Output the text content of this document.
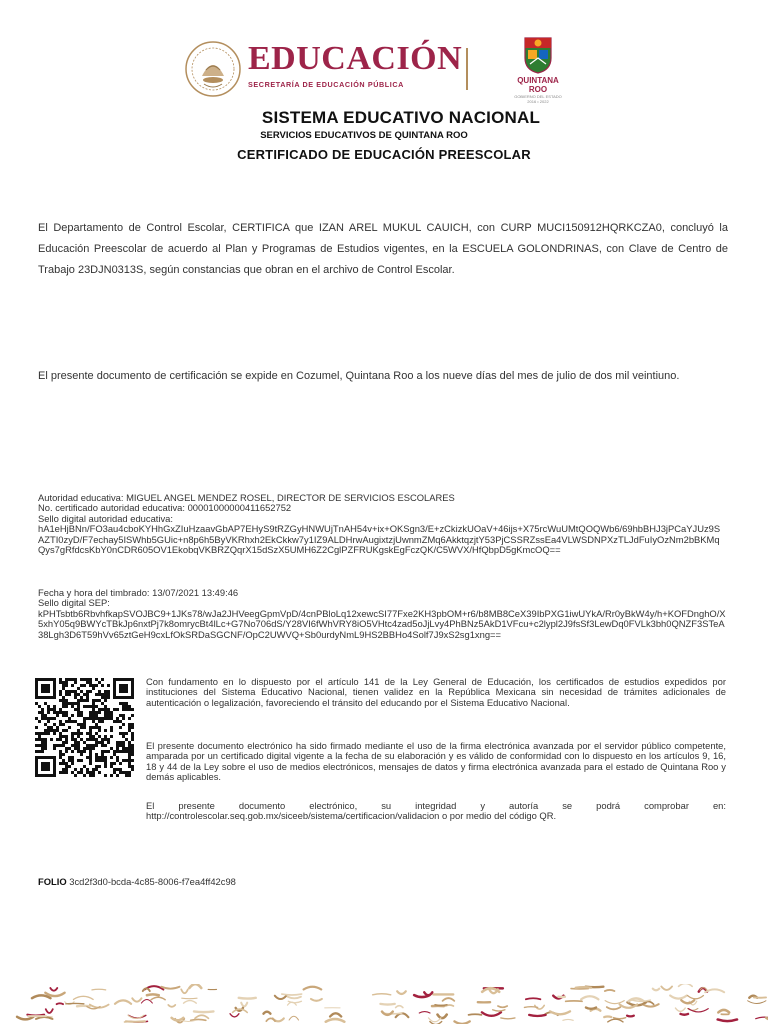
EDUCACIÓN
SECRETARÍA DE EDUCACIÓN PÚBLICA	QUINTANA ROO
GOBIERNO DEL ESTADO
2016 • 2022
SISTEMA EDUCATIVO NACIONAL
SERVICIOS EDUCATIVOS DE QUINTANA ROO
CERTIFICADO DE EDUCACIÓN PREESCOLAR
El Departamento de Control Escolar, CERTIFICA que IZAN AREL MUKUL CAUICH, con CURP MUCI150912HQRKCZA0, concluyó la Educación Preescolar de acuerdo al Plan y Programas de Estudios vigentes, en la ESCUELA GOLONDRINAS, con Clave de Centro de Trabajo 23DJN0313S, según constancias que obran en el archivo de Control Escolar.
El presente documento de certificación se expide en Cozumel, Quintana Roo a los nueve días del mes de julio de dos mil veintiuno.
Autoridad educativa: MIGUEL ANGEL MENDEZ ROSEL, DIRECTOR DE SERVICIOS ESCOLARES
No. certificado autoridad educativa: 00001000000411652752
Sello digital autoridad educativa:
hA1eHjBNn/FO3au4cboKYHhGxZIuHzaavGbAP7EHyS9tRZGyHNWUjTnAH54v+ix+OKSgn3/E+zCkizkUOaV+46ijs+X75rcWuUMtQOQWb6/69hbBHJ3jPCaYJUz9SAZTI0zyD/F7echay5ISWhb5GUic+n8p6h5ByVKRhxh2EkCkkw7y1IZ9ALDHrwAugixtzjUwnmZMq6AkktqzjtY53PjCSSRZssEa4VLWSDNPXzTLJdFuIyOzNm2bBKMqQys7gRfdcsKbY0nCDR605OV1EkobqVKBRZQqrX15dSzX5UMH6Z2CglPZFRUKgskEgFczQK/C5WVX/HfQbpD5gKmcOQ==
Fecha y hora del timbrado: 13/07/2021 13:49:46
Sello digital SEP:
kPHTsbtb6RbvhfkapSVOJBC9+1JKs78/wJa2JHVeegGpmVpD/4cnPBloLq12xewcSI77Fxe2KH3pbOM+r6/b8MB8CeX39IbPXG1iwUYkA/Rr0yBkW4y/h+KOFDnghO/X5xhY05q9BWYcTBkJp6nxtPj7k8omrycBt4lLc+G7No706dS/Y28VI6fWhVRY8iO5VHtc4zad5oJjLvy4PhBNz5AkD1VFcu+c2lypl2J9fsSf3LewDq0FVLk3bh0QNZF3STeA38Lgh3D6T59hVv65ztGeH9cxLfOkSRDaSGCNF/OpC2UWVQ+Sb0urdyNmL9HS2BBHo4Solf7J9xS2sg1xng==
Con fundamento en lo dispuesto por el artículo 141 de la Ley General de Educación, los certificados de estudios expedidos por instituciones del Sistema Educativo Nacional, tienen validez en la República Mexicana sin necesidad de trámites adicionales de autenticación o legalización, favoreciendo el tránsito del educando por el Sistema Educativo Nacional.
El presente documento electrónico ha sido firmado mediante el uso de la firma electrónica avanzada por el servidor público competente, amparada por un certificado digital vigente a la fecha de su elaboración y es válido de conformidad con lo dispuesto en los artículos 9, 16, 18 y 44 de la Ley sobre el uso de medios electrónicos, mensajes de datos y firma electrónica avanzada para el estado de Quintana Roo y demás aplicables.
El presente documento electrónico, su integridad y autoría se podrá comprobar en: http://controlescolar.seq.gob.mx/siceeb/sistema/certificacion/validacion o por medio del código QR.
FOLIO 3cd2f3d0-bcda-4c85-8006-f7ea4ff42c98
